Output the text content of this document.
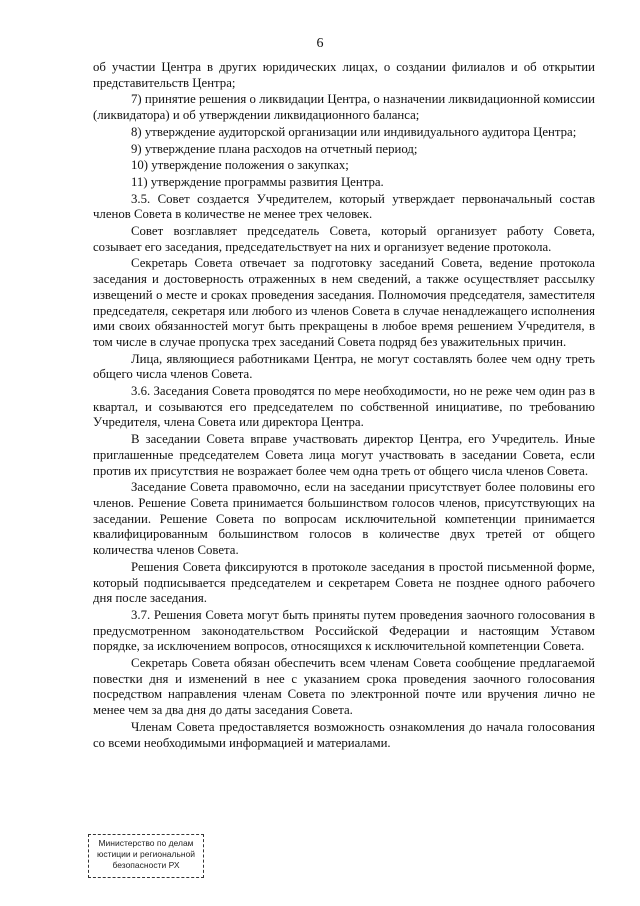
6

об участии Центра в других юридических лицах, о создании филиалов и об открытии представительств Центра;

7) принятие решения о ликвидации Центра, о назначении ликвидационной комиссии (ликвидатора) и об утверждении ликвидационного баланса;

8) утверждение аудиторской организации или индивидуального аудитора Центра;

9) утверждение плана расходов на отчетный период;

10) утверждение положения о закупках;

11) утверждение программы развития Центра.

3.5. Совет создается Учредителем, который утверждает первоначальный состав членов Совета в количестве не менее трех человек.

Совет возглавляет председатель Совета, который организует работу Совета, созывает его заседания, председательствует на них и организует ведение протокола.

Секретарь Совета отвечает за подготовку заседаний Совета, ведение протокола заседания и достоверность отраженных в нем сведений, а также осуществляет рассылку извещений о месте и сроках проведения заседания. Полномочия председателя, заместителя председателя, секретаря или любого из членов Совета в случае ненадлежащего исполнения ими своих обязанностей могут быть прекращены в любое время решением Учредителя, в том числе в случае пропуска трех заседаний Совета подряд без уважительных причин.

Лица, являющиеся работниками Центра, не могут составлять более чем одну треть общего числа членов Совета.

3.6. Заседания Совета проводятся по мере необходимости, но не реже чем один раз в квартал, и созываются его председателем по собственной инициативе, по требованию Учредителя, члена Совета или директора Центра.

В заседании Совета вправе участвовать директор Центра, его Учредитель. Иные приглашенные председателем Совета лица могут участвовать в заседании Совета, если против их присутствия не возражает более чем одна треть от общего числа членов Совета.

Заседание Совета правомочно, если на заседании присутствует более половины его членов. Решение Совета принимается большинством голосов членов, присутствующих на заседании. Решение Совета по вопросам исключительной компетенции принимается квалифицированным большинством голосов в количестве двух третей от общего количества членов Совета.

Решения Совета фиксируются в протоколе заседания в простой письменной форме, который подписывается председателем и секретарем Совета не позднее одного рабочего дня после заседания.

3.7. Решения Совета могут быть приняты путем проведения заочного голосования в предусмотренном законодательством Российской Федерации и настоящим Уставом порядке, за исключением вопросов, относящихся к исключительной компетенции Совета.

Секретарь Совета обязан обеспечить всем членам Совета сообщение предлагаемой повестки дня и изменений в нее с указанием срока проведения заочного голосования посредством направления членам Совета по электронной почте или вручения лично не менее чем за два дня до даты заседания Совета.

Членам Совета предоставляется возможность ознакомления до начала голосования со всеми необходимыми информацией и материалами.

Министерство по делам
юстиции и региональной
безопасности РХ
